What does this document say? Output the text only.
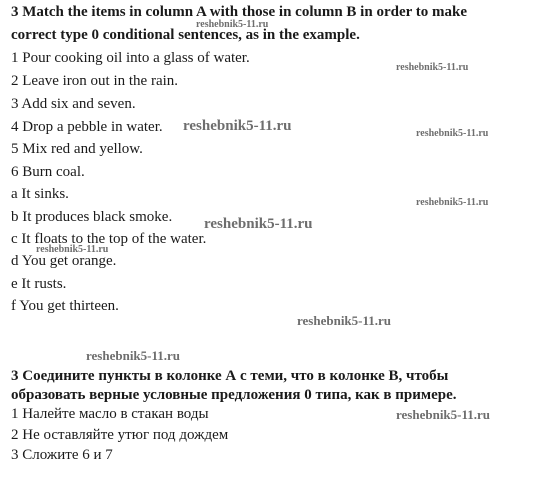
3 Match the items in column A with those in column B in order to make
correct type 0 conditional sentences, as in the example.
1 Pour cooking oil into a glass of water.
2 Leave iron out in the rain.
3 Add six and seven.
4 Drop a pebble in water.
5 Mix red and yellow.
6 Burn coal.
a It sinks.
b It produces black smoke.
c It floats to the top of the water.
d You get orange.
e It rusts.
f You get thirteen.
3 Соедините пункты в колонке А с теми, что в колонке В, чтобы
образовать верные условные предложения 0 типа, как в примере.
1 Налейте масло в стакан воды
2 Не оставляйте утюг под дождем
3 Сложите 6 и 7
reshebnik5-11.ru
reshebnik5-11.ru
reshebnik5-11.ru	reshebnik5-11.ru
reshebnik5-11.ru
reshebnik5-11.ru
reshebnik5-11.ru
reshebnik5-11.ru
reshebnik5-11.ru
reshebnik5-11.ru
